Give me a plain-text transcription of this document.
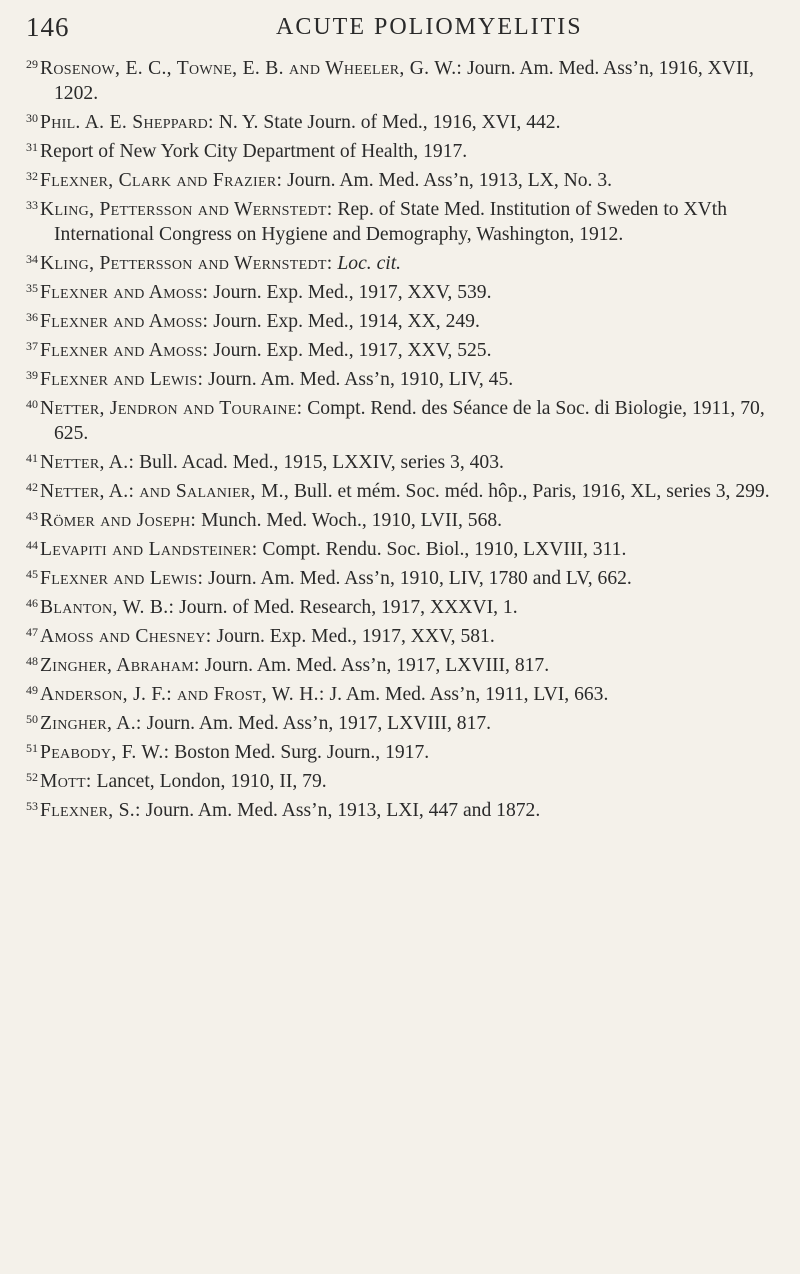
146	ACUTE POLIOMYELITIS

$^{29}$ Rosenow, E. C., Towne, E. B. and Wheeler, G. W.: Journ. Am. Med. Ass’n, 1916, XVII, 1202.

$^{30}$ Phil. A. E. Sheppard: N. Y. State Journ. of Med., 1916, XVI, 442.

$^{31}$ Report of New York City Department of Health, 1917.

$^{32}$ Flexner, Clark and Frazier: Journ. Am. Med. Ass’n, 1913, LX, No. 3.

$^{33}$ Kling, Pettersson and Wernstedt: Rep. of State Med. Institution of Sweden to XVth International Congress on Hygiene and Demography, Washington, 1912.

$^{34}$ Kling, Pettersson and Wernstedt: Loc. cit.

$^{35}$ Flexner and Amoss: Journ. Exp. Med., 1917, XXV, 539.

$^{36}$ Flexner and Amoss: Journ. Exp. Med., 1914, XX, 249.

$^{37}$ Flexner and Amoss: Journ. Exp. Med., 1917, XXV, 525.

$^{39}$ Flexner and Lewis: Journ. Am. Med. Ass’n, 1910, LIV, 45.

$^{40}$ Netter, Jendron and Touraine: Compt. Rend. des Séance de la Soc. di Biologie, 1911, 70, 625.

$^{41}$ Netter, A.: Bull. Acad. Med., 1915, LXXIV, series 3, 403.

$^{42}$ Netter, A.: and Salanier, M., Bull. et mém. Soc. méd. hôp., Paris, 1916, XL, series 3, 299.

$^{43}$ Römer and Joseph: Munch. Med. Woch., 1910, LVII, 568.

$^{44}$ Levapiti and Landsteiner: Compt. Rendu. Soc. Biol., 1910, LXVIII, 311.

$^{45}$ Flexner and Lewis: Journ. Am. Med. Ass’n, 1910, LIV, 1780 and LV, 662.

$^{46}$ Blanton, W. B.: Journ. of Med. Research, 1917, XXXVI, 1.

$^{47}$ Amoss and Chesney: Journ. Exp. Med., 1917, XXV, 581.

$^{48}$ Zingher, Abraham: Journ. Am. Med. Ass’n, 1917, LXVIII, 817.

$^{49}$ Anderson, J. F.: and Frost, W. H.: J. Am. Med. Ass’n, 1911, LVI, 663.

$^{50}$ Zingher, A.: Journ. Am. Med. Ass’n, 1917, LXVIII, 817.

$^{51}$ Peabody, F. W.: Boston Med. Surg. Journ., 1917.

$^{52}$ Mott: Lancet, London, 1910, II, 79.

$^{53}$ Flexner, S.: Journ. Am. Med. Ass’n, 1913, LXI, 447 and 1872.
